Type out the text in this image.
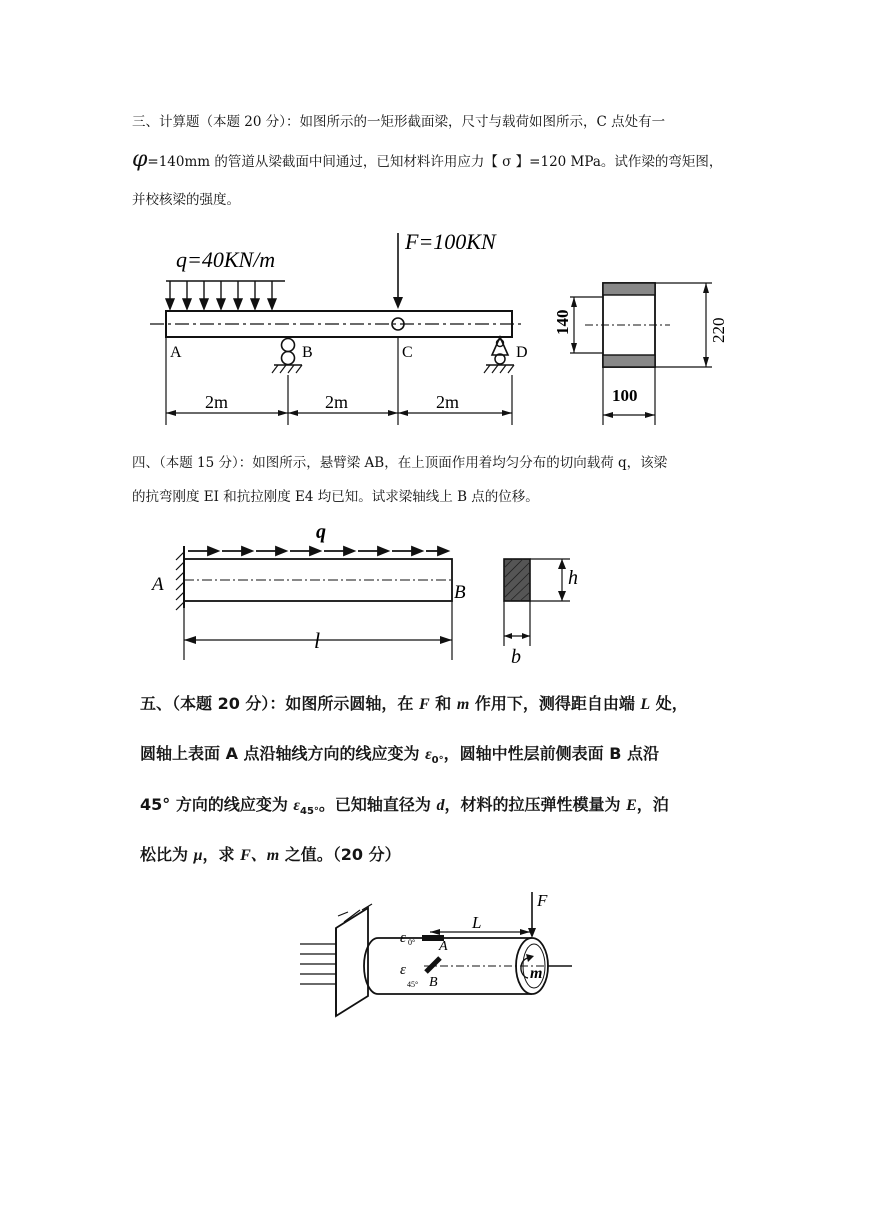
三、计算题（本题 20 分）：如图所示的一矩形截面梁，尺寸与载荷如图所示，C 点处有一

φ=140mm 的管道从梁截面中间通过，已知材料许用应力【 σ 】=120 MPa。试作梁的弯矩图，

并校核梁的强度。

q=40KN/m
F=100KN
A	B	C	D
2m	2m	2m
140	220
100

四、（本题 15 分）：如图所示，悬臂梁 AB，在上顶面作用着均匀分布的切向载荷 q，该梁

的抗弯刚度 EI 和抗拉刚度 E4 均已知。试求梁轴线上 B 点的位移。

A	B
q
l
h
b

五、（本题 20 分）：如图所示圆轴，在 F 和 m 作用下，测得距自由端 L 处，

圆轴上表面 A 点沿轴线方向的线应变为 $\varepsilon_{0^\circ}$，圆轴中性层前侧表面 B 点沿

45° 方向的线应变为 $\varepsilon_{45^\circ}$。已知轴直径为 d，材料的拉压弹性模量为 E，泊

松比为 μ，求 F、m 之值。（20 分）

m
F
L
A
ε 0°
B
ε
45°
